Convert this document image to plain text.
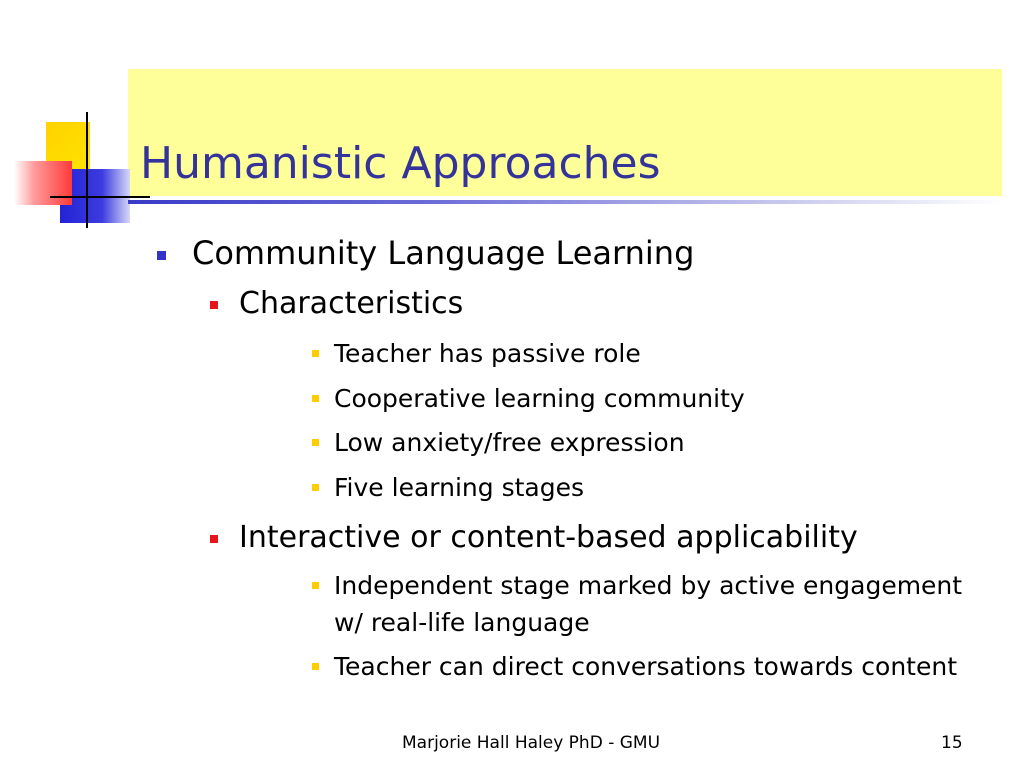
Humanistic Approaches
Community Language Learning
Characteristics
Teacher has passive role
Cooperative learning community
Low anxiety/free expression
Five learning stages
Interactive or content-based applicability
Independent stage marked by active engagement w/ real-life language
Teacher can direct conversations towards content
Marjorie Hall Haley PhD - GMU	15
